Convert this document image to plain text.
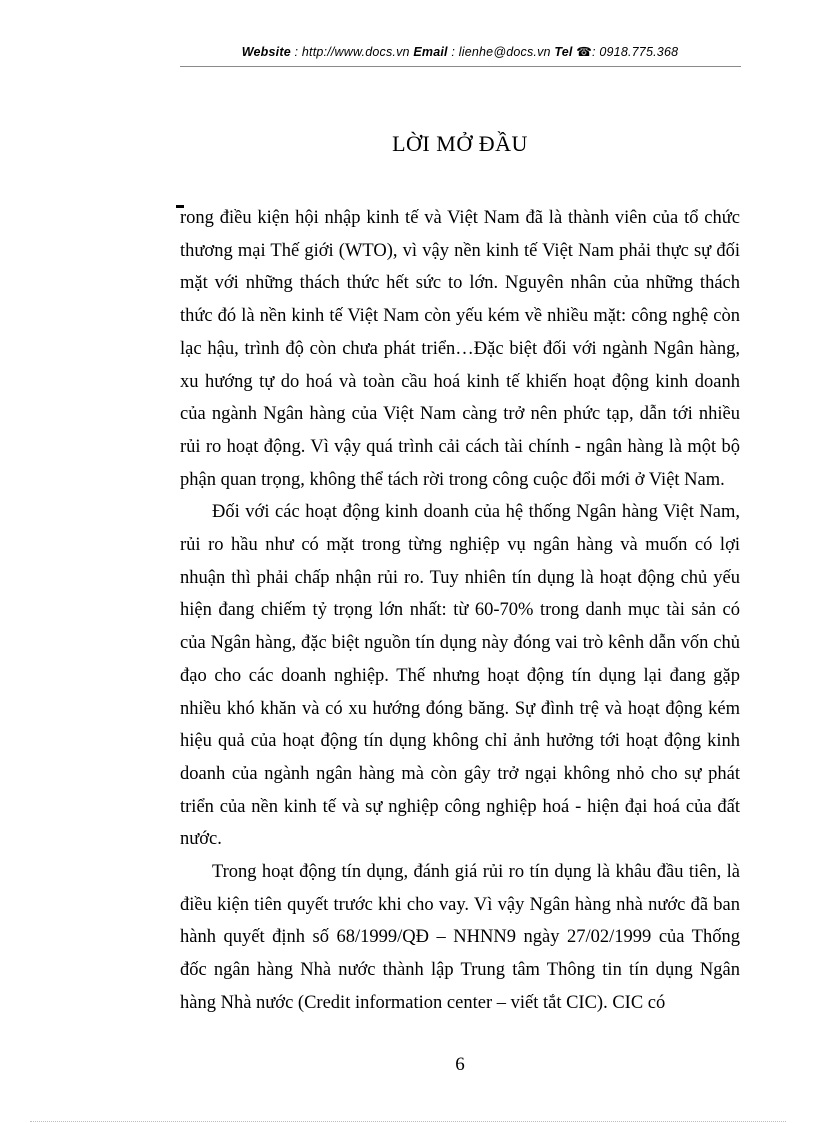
Website : http://www.docs.vn Email : lienhe@docs.vn Tel ☎: 0918.775.368
LỜI MỞ ĐẦU

rong điều kiện hội nhập kinh tế và Việt Nam đã là thành viên của tổ chức thương mại Thế giới (WTO), vì vậy nền kinh tế Việt Nam phải thực sự đối mặt với những thách thức hết sức to lớn. Nguyên nhân của những thách thức đó là nền kinh tế Việt Nam còn yếu kém về nhiều mặt: công nghệ còn lạc hậu, trình độ còn chưa phát triển…Đặc biệt đối với ngành Ngân hàng, xu hướng tự do hoá và toàn cầu hoá kinh tế khiến hoạt động kinh doanh của ngành Ngân hàng của Việt Nam càng trở nên phức tạp, dẫn tới nhiều rủi ro hoạt động. Vì vậy quá trình cải cách tài chính - ngân hàng là một bộ phận quan trọng, không thể tách rời trong công cuộc đổi mới ở Việt Nam.

Đối với các hoạt động kinh doanh của hệ thống Ngân hàng Việt Nam, rủi ro hầu như có mặt trong từng nghiệp vụ ngân hàng và muốn có lợi nhuận thì phải chấp nhận rủi ro. Tuy nhiên tín dụng là hoạt động chủ yếu hiện đang chiếm tỷ trọng lớn nhất: từ 60-70% trong danh mục tài sản có của Ngân hàng, đặc biệt nguồn tín dụng này đóng vai trò kênh dẫn vốn chủ đạo cho các doanh nghiệp. Thế nhưng hoạt động tín dụng lại đang gặp nhiều khó khăn và có xu hướng đóng băng. Sự đình trệ và hoạt động kém hiệu quả của hoạt động tín dụng không chỉ ảnh hưởng tới hoạt động kinh doanh của ngành ngân hàng mà còn gây trở ngại không nhỏ cho sự phát triển của nền kinh tế và sự nghiệp công nghiệp hoá - hiện đại hoá của đất nước.

Trong hoạt động tín dụng, đánh giá rủi ro tín dụng là khâu đầu tiên, là điều kiện tiên quyết trước khi cho vay. Vì vậy Ngân hàng nhà nước đã ban hành quyết định số 68/1999/QĐ – NHNN9 ngày 27/02/1999 của Thống đốc ngân hàng Nhà nước thành lập Trung tâm Thông tin tín dụng Ngân hàng Nhà nước (Credit information center – viết tắt CIC). CIC có

6
